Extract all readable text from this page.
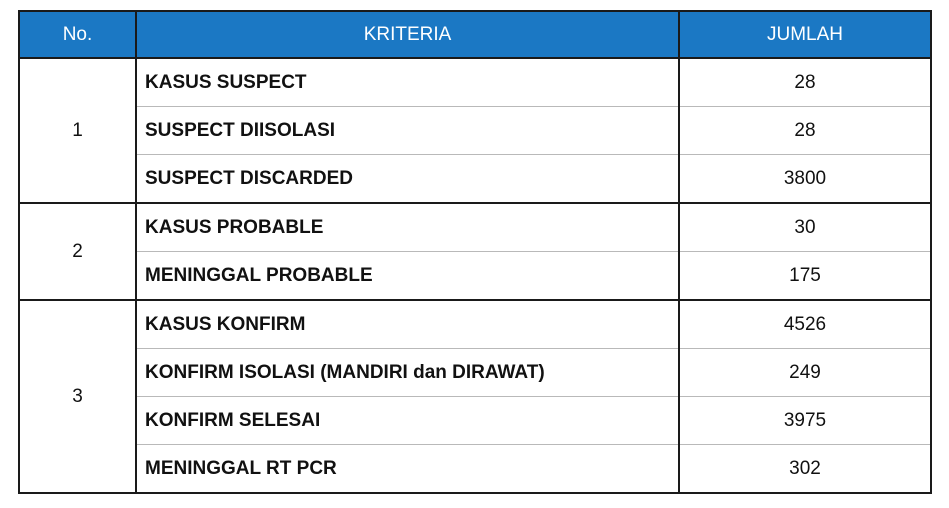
No.	KRITERIA	JUMLAH
1	KASUS SUSPECT	28
	SUSPECT DIISOLASI	28
	SUSPECT DISCARDED	3800
2	KASUS PROBABLE	30
	MENINGGAL PROBABLE	175
3	KASUS KONFIRM	4526
	KONFIRM ISOLASI (MANDIRI dan DIRAWAT)	249
	KONFIRM SELESAI	3975
	MENINGGAL RT PCR	302
